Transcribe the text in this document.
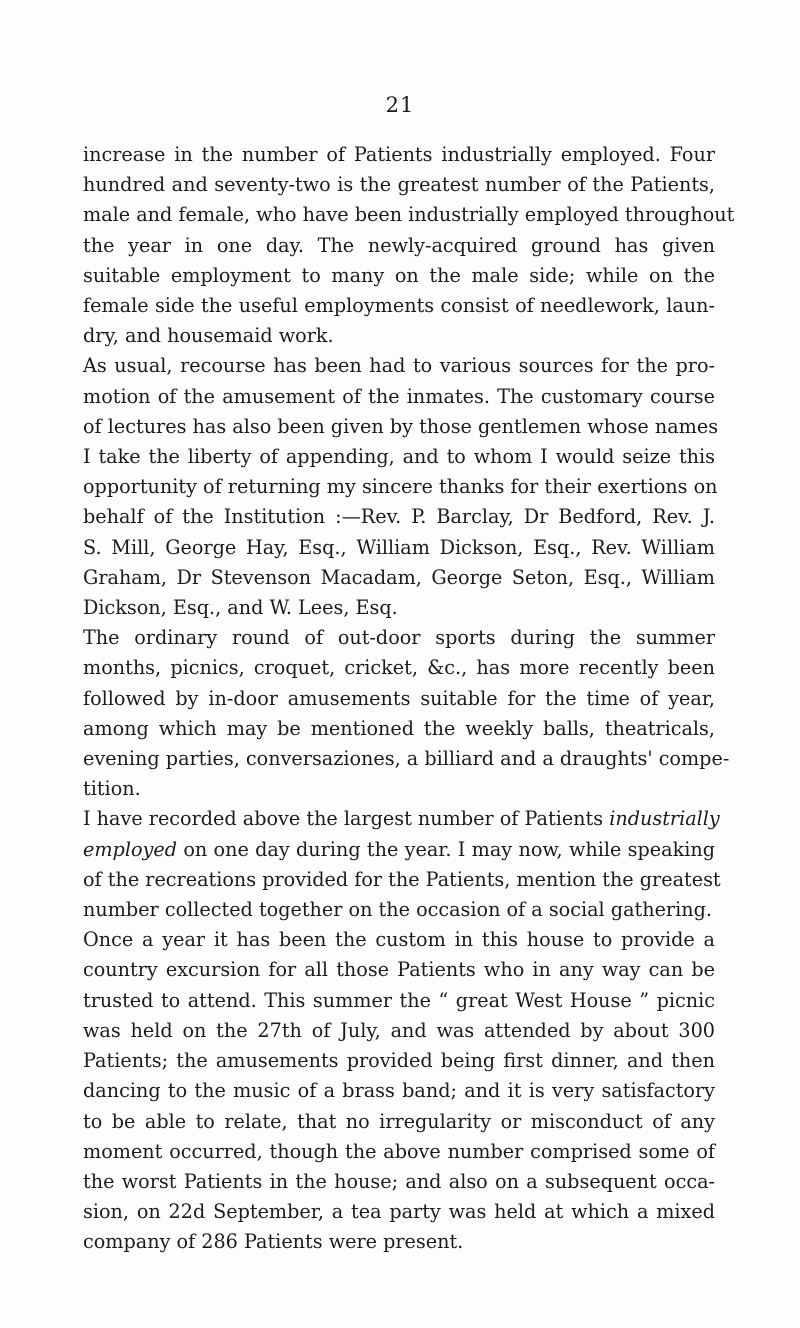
21

increase in the number of Patients industrially employed. Four
hundred and seventy-two is the greatest number of the Patients,
male and female, who have been industrially employed throughout
the year in one day. The newly-acquired ground has given
suitable employment to many on the male side; while on the
female side the useful employments consist of needlework, laun-
dry, and housemaid work.

As usual, recourse has been had to various sources for the pro-
motion of the amusement of the inmates. The customary course
of lectures has also been given by those gentlemen whose names
I take the liberty of appending, and to whom I would seize this
opportunity of returning my sincere thanks for their exertions on
behalf of the Institution :—Rev. P. Barclay, Dr Bedford, Rev. J.
S. Mill, George Hay, Esq., William Dickson, Esq., Rev. William
Graham, Dr Stevenson Macadam, George Seton, Esq., William
Dickson, Esq., and W. Lees, Esq.

The ordinary round of out-door sports during the summer
months, picnics, croquet, cricket, &c., has more recently been
followed by in-door amusements suitable for the time of year,
among which may be mentioned the weekly balls, theatricals,
evening parties, conversaziones, a billiard and a draughts' compe-
tition.

I have recorded above the largest number of Patients industrially
employed on one day during the year. I may now, while speaking
of the recreations provided for the Patients, mention the greatest
number collected together on the occasion of a social gathering.

Once a year it has been the custom in this house to provide a
country excursion for all those Patients who in any way can be
trusted to attend. This summer the “ great West House ” picnic
was held on the 27th of July, and was attended by about 300
Patients; the amusements provided being first dinner, and then
dancing to the music of a brass band; and it is very satisfactory
to be able to relate, that no irregularity or misconduct of any
moment occurred, though the above number comprised some of
the worst Patients in the house; and also on a subsequent occa-
sion, on 22d September, a tea party was held at which a mixed
company of 286 Patients were present.
